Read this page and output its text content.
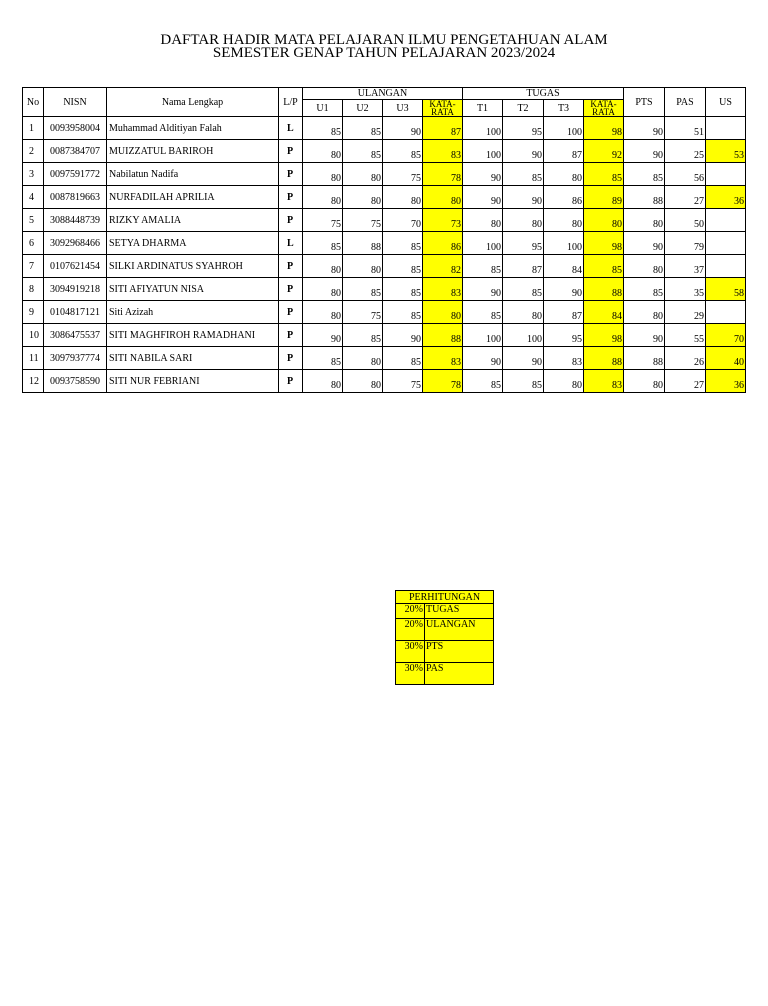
DAFTAR HADIR MATA PELAJARAN ILMU PENGETAHUAN ALAM
SEMESTER GENAP TAHUN PELAJARAN 2023/2024
No	NISN	Nama Lengkap	L/P	ULANGAN				TUGAS				PTS	PAS	US
				U1	U2	U3	KATA-RATA	T1	T2	T3	KATA-RATA			
1	0093958004	Muhammad Alditiyan Falah	L	85	85	90	87	100	95	100	98	90	51	
2	0087384707	MUIZZATUL BARIROH	P	80	85	85	83	100	90	87	92	90	25	53
3	0097591772	Nabilatun Nadifa	P	80	80	75	78	90	85	80	85	85	56	
4	0087819663	NURFADILAH APRILIA	P	80	80	80	80	90	90	86	89	88	27	36
5	3088448739	RIZKY AMALIA	P	75	75	70	73	80	80	80	80	80	50	
6	3092968466	SETYA DHARMA	L	85	88	85	86	100	95	100	98	90	79	
7	0107621454	SILKI ARDINATUS SYAHROH	P	80	80	85	82	85	87	84	85	80	37	
8	3094919218	SITI AFIYATUN NISA	P	80	85	85	83	90	85	90	88	85	35	58
9	0104817121	Siti Azizah	P	80	75	85	80	85	80	87	84	80	29	
10	3086475537	SITI MAGHFIROH RAMADHANI	P	90	85	90	88	100	100	95	98	90	55	70
11	3097937774	SITI NABILA SARI	P	85	80	85	83	90	90	83	88	88	26	40
12	0093758590	SITI NUR FEBRIANI	P	80	80	75	78	85	85	80	83	80	27	36
PERHITUNGAN	
20%	TUGAS
20%	ULANGAN
30%	PTS
30%	PAS
